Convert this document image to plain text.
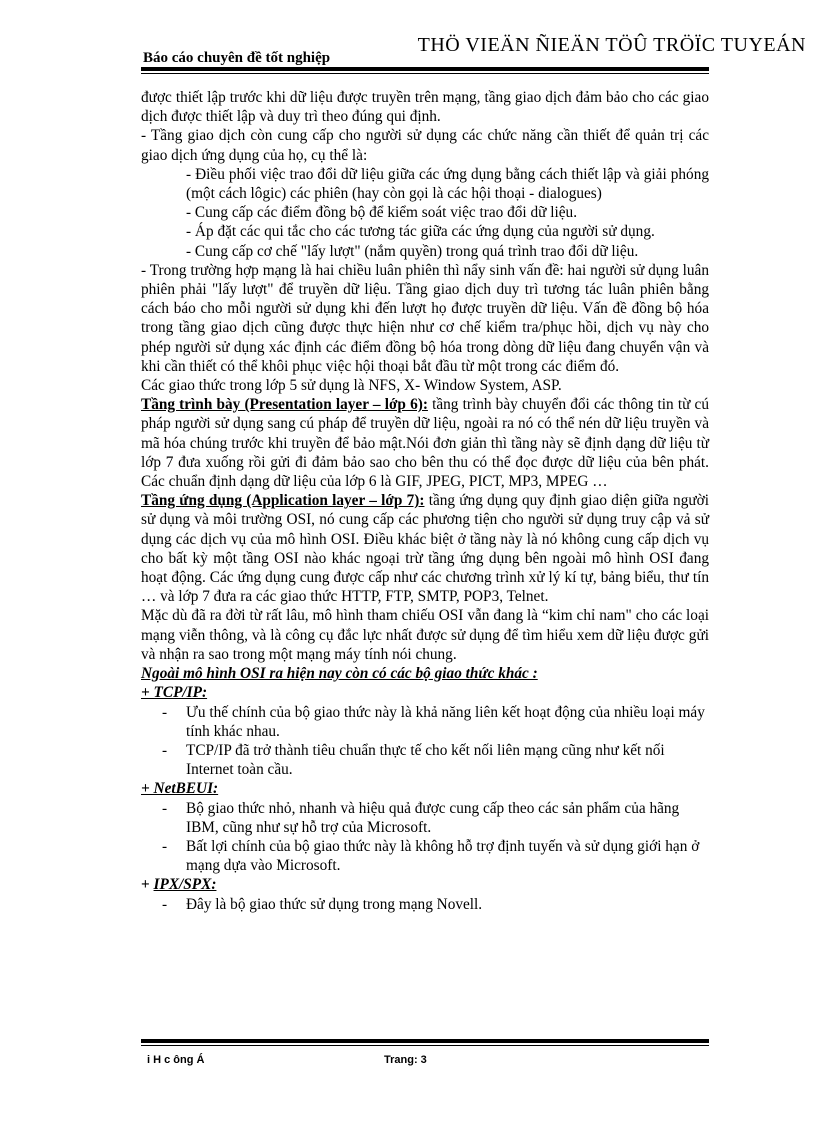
Báo cáo chuyên đề tốt nghiệp
THÖ VIEÄN ÑIEÄN TÖÛ TRÖÏC TUYEÁN

được thiết lập trước khi dữ liệu được truyền trên mạng, tầng giao dịch đảm bảo cho các giao dịch được thiết lập và duy trì theo đúng qui định.

- Tầng giao dịch còn cung cấp cho người sử dụng các chức năng cần thiết để quản trị các giao dịch ứng dụng của họ, cụ thể là:

- Điều phối việc trao đổi dữ liệu giữa các ứng dụng bằng cách thiết lập và giải phóng (một cách lôgic) các phiên (hay còn gọi là các hội thoại - dialogues)

- Cung cấp các điểm đồng bộ để kiểm soát việc trao đổi dữ liệu.

- Áp đặt các qui tắc cho các tương tác giữa các ứng dụng của người sử dụng.

- Cung cấp cơ chế "lấy lượt" (nắm quyền) trong quá trình trao đổi dữ liệu.

- Trong trường hợp mạng là hai chiều luân phiên thì nẩy sinh vấn đề: hai người sử dụng luân phiên phải "lấy lượt" để truyền dữ liệu. Tầng giao dịch duy trì tương tác luân phiên bằng cách báo cho mỗi người sử dụng khi đến lượt họ được truyền dữ liệu. Vấn đề đồng bộ hóa trong tầng giao dịch cũng được thực hiện như cơ chế kiểm tra/phục hồi, dịch vụ này cho phép người sử dụng xác định các điểm đồng bộ hóa trong dòng dữ liệu đang chuyển vận và khi cần thiết có thể khôi phục việc hội thoại bắt đầu từ một trong các điểm đó.

Các giao thức trong lớp 5 sử dụng là NFS, X- Window System, ASP.

Tầng trình bày (Presentation layer – lớp 6): tầng trình bày chuyển đổi các thông tin từ cú pháp người sử dụng sang cú pháp để truyền dữ liệu, ngoài ra nó có thể nén dữ liệu truyền và mã hóa chúng trước khi truyền để bảo mật.Nói đơn giản thì tầng này sẽ định dạng dữ liệu từ lớp 7 đưa xuống rồi gửi đi đảm bảo sao cho bên thu có thể đọc được dữ liệu của bên phát. Các chuẩn định dạng dữ liệu của lớp 6 là GIF, JPEG, PICT, MP3, MPEG …

Tầng ứng dụng (Application layer – lớp 7): tầng ứng dụng quy định giao diện giữa người sử dụng và môi trường OSI, nó cung cấp các phương tiện cho người sử dụng truy cập vả sử dụng các dịch vụ của mô hình OSI. Điều khác biệt ở tầng này là nó không cung cấp dịch vụ cho bất kỳ một tầng OSI nào khác ngoại trừ tầng ứng dụng bên ngoài mô hình OSI đang hoạt động. Các ứng dụng cung được cấp như các chương trình xử lý kí tự, bảng biểu, thư tín … và lớp 7 đưa ra các giao thức HTTP, FTP, SMTP, POP3, Telnet.

Mặc dù đã ra đời từ rất lâu, mô hình tham chiếu OSI vẫn đang là “kim chỉ nam" cho các loại mạng viễn thông, và là công cụ đắc lực nhất được sử dụng để tìm hiểu xem dữ liệu được gửi và nhận ra sao trong một mạng máy tính nói chung.

Ngoài mô hình OSI ra hiện nay còn có các bộ giao thức khác :

+ TCP/IP:

- Ưu thế chính của bộ giao thức này là khả năng liên kết hoạt động của nhiều loại máy tính khác nhau.
- TCP/IP đã trở thành tiêu chuẩn thực tế cho kết nối liên mạng cũng như kết nối Internet toàn cầu.

+ NetBEUI:

- Bộ giao thức nhỏ, nhanh và hiệu quả được cung cấp theo các sản phẩm của hãng IBM, cũng như sự hỗ trợ của Microsoft.
- Bất lợi chính của bộ giao thức này là không hỗ trợ định tuyến và sử dụng giới hạn ở mạng dựa vào Microsoft.

+ IPX/SPX:

- Đây là bộ giao thức sử dụng trong mạng Novell.
i H c ông Á	Trang: 3
